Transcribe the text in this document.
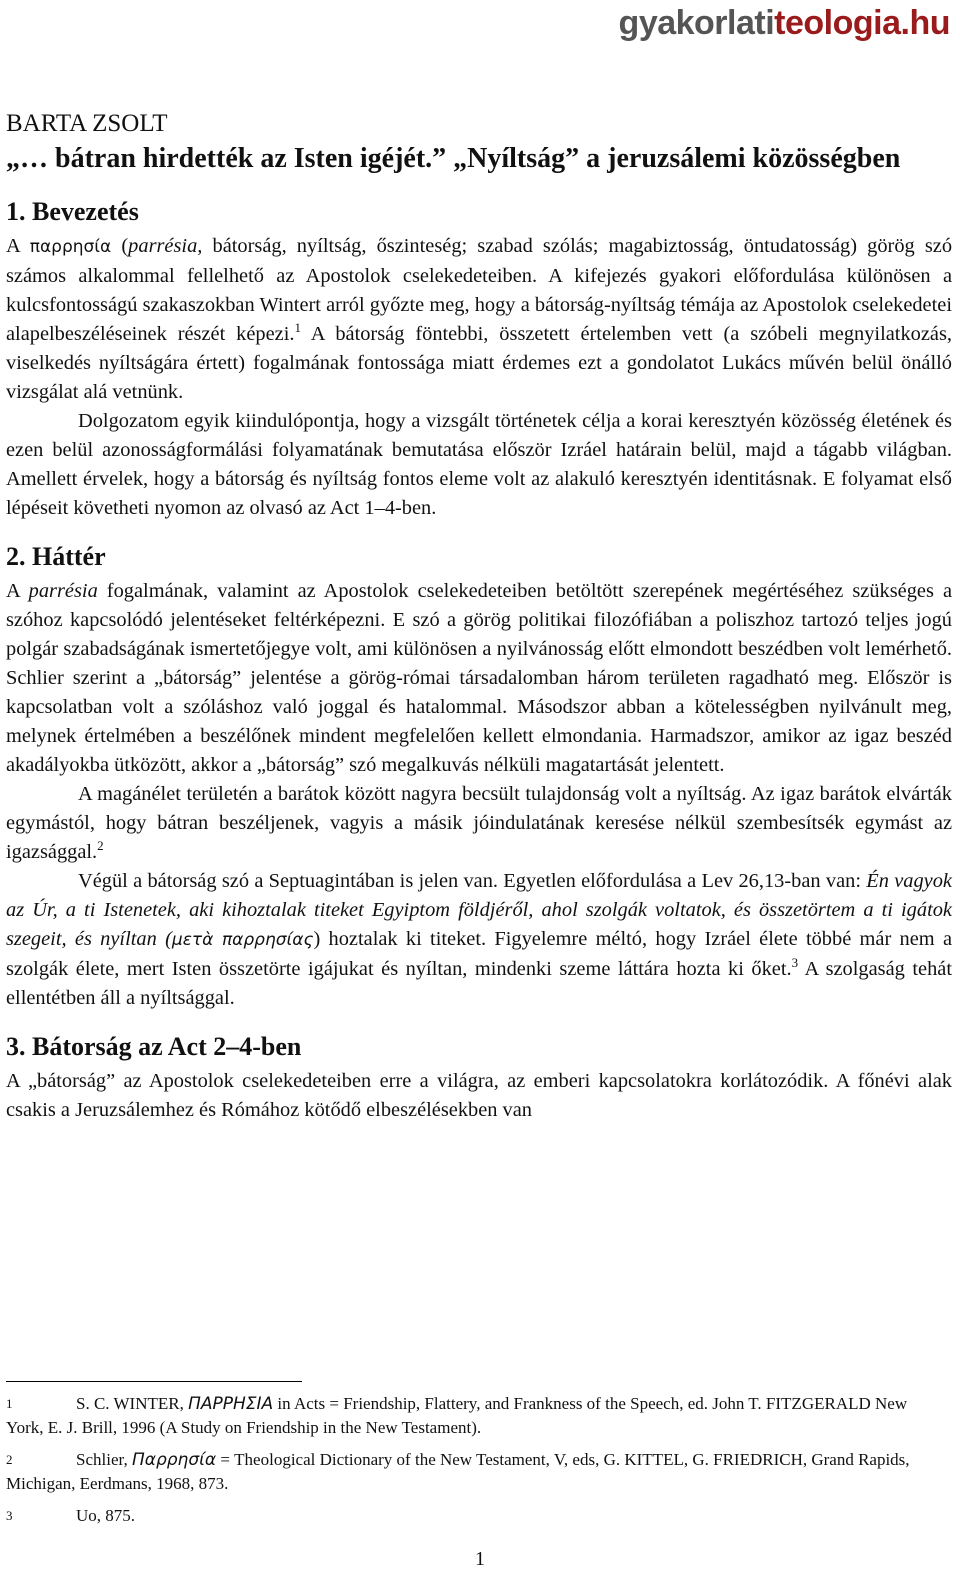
gyakorlatiteologia.hu

BARTA ZSOLT

„… bátran hirdették az Isten igéjét.” „Nyíltság” a jeruzsálemi közösségben

1. Bevezetés

A παρρησία (parrésia, bátorság, nyíltság, őszinteség; szabad szólás; magabiztosság, öntudatosság) görög szó számos alkalommal fellelhető az Apostolok cselekedeteiben. A kifejezés gyakori előfordulása különösen a kulcsfontosságú szakaszokban Wintert arról győzte meg, hogy a bátorság-nyíltság témája az Apostolok cselekedetei alapelbeszéléseinek részét képezi.$^1$ A bátorság föntebbi, összetett értelemben vett (a szóbeli megnyilatkozás, viselkedés nyíltságára értett) fogalmának fontossága miatt érdemes ezt a gondolatot Lukács művén belül önálló vizsgálat alá vetnünk.

Dolgozatom egyik kiindulópontja, hogy a vizsgált történetek célja a korai keresztyén közösség életének és ezen belül azonosságformálási folyamatának bemutatása először Izráel határain belül, majd a tágabb világban. Amellett érvelek, hogy a bátorság és nyíltság fontos eleme volt az alakuló keresztyén identitásnak. E folyamat első lépéseit követheti nyomon az olvasó az Act 1–4-ben.

2. Háttér

A parrésia fogalmának, valamint az Apostolok cselekedeteiben betöltött szerepének megértéséhez szükséges a szóhoz kapcsolódó jelentéseket feltérképezni. E szó a görög politikai filozófiában a poliszhoz tartozó teljes jogú polgár szabadságának ismertetőjegye volt, ami különösen a nyilvánosság előtt elmondott beszédben volt lemérhető. Schlier szerint a „bátorság” jelentése a görög-római társadalomban három területen ragadható meg. Először is kapcsolatban volt a szóláshoz való joggal és hatalommal. Másodszor abban a kötelességben nyilvánult meg, melynek értelmében a beszélőnek mindent megfelelően kellett elmondania. Harmadszor, amikor az igaz beszéd akadályokba ütközött, akkor a „bátorság” szó megalkuvás nélküli magatartását jelentett.

A magánélet területén a barátok között nagyra becsült tulajdonság volt a nyíltság. Az igaz barátok elvárták egymástól, hogy bátran beszéljenek, vagyis a másik jóindulatának keresése nélkül szembesítsék egymást az igazsággal.$^2$

Végül a bátorság szó a Septuagintában is jelen van. Egyetlen előfordulása a Lev 26,13-ban van: Én vagyok az Úr, a ti Istenetek, aki kihoztalak titeket Egyiptom földjéről, ahol szolgák voltatok, és összetörtem a ti igátok szegeit, és nyíltan (μετὰ παρρησίας) hoztalak ki titeket. Figyelemre méltó, hogy Izráel élete többé már nem a szolgák élete, mert Isten összetörte igájukat és nyíltan, mindenki szeme láttára hozta ki őket.$^3$ A szolgaság tehát ellentétben áll a nyíltsággal.

3. Bátorság az Act 2–4-ben

A „bátorság” az Apostolok cselekedeteiben erre a világra, az emberi kapcsolatokra korlátozódik. A főnévi alak csakis a Jeruzsálemhez és Rómához kötődő elbeszélésekben van

1	S. C. WINTER, ΠΑΡΡΗΣΙΑ in Acts = Friendship, Flattery, and Frankness of the Speech, ed. John T. FITZGERALD New York, E. J. Brill, 1996 (A Study on Friendship in the New Testament).
2	Schlier, Παρρησία = Theological Dictionary of the New Testament, V, eds, G. KITTEL, G. FRIEDRICH, Grand Rapids, Michigan, Eerdmans, 1968, 873.
3	Uo, 875.
1
